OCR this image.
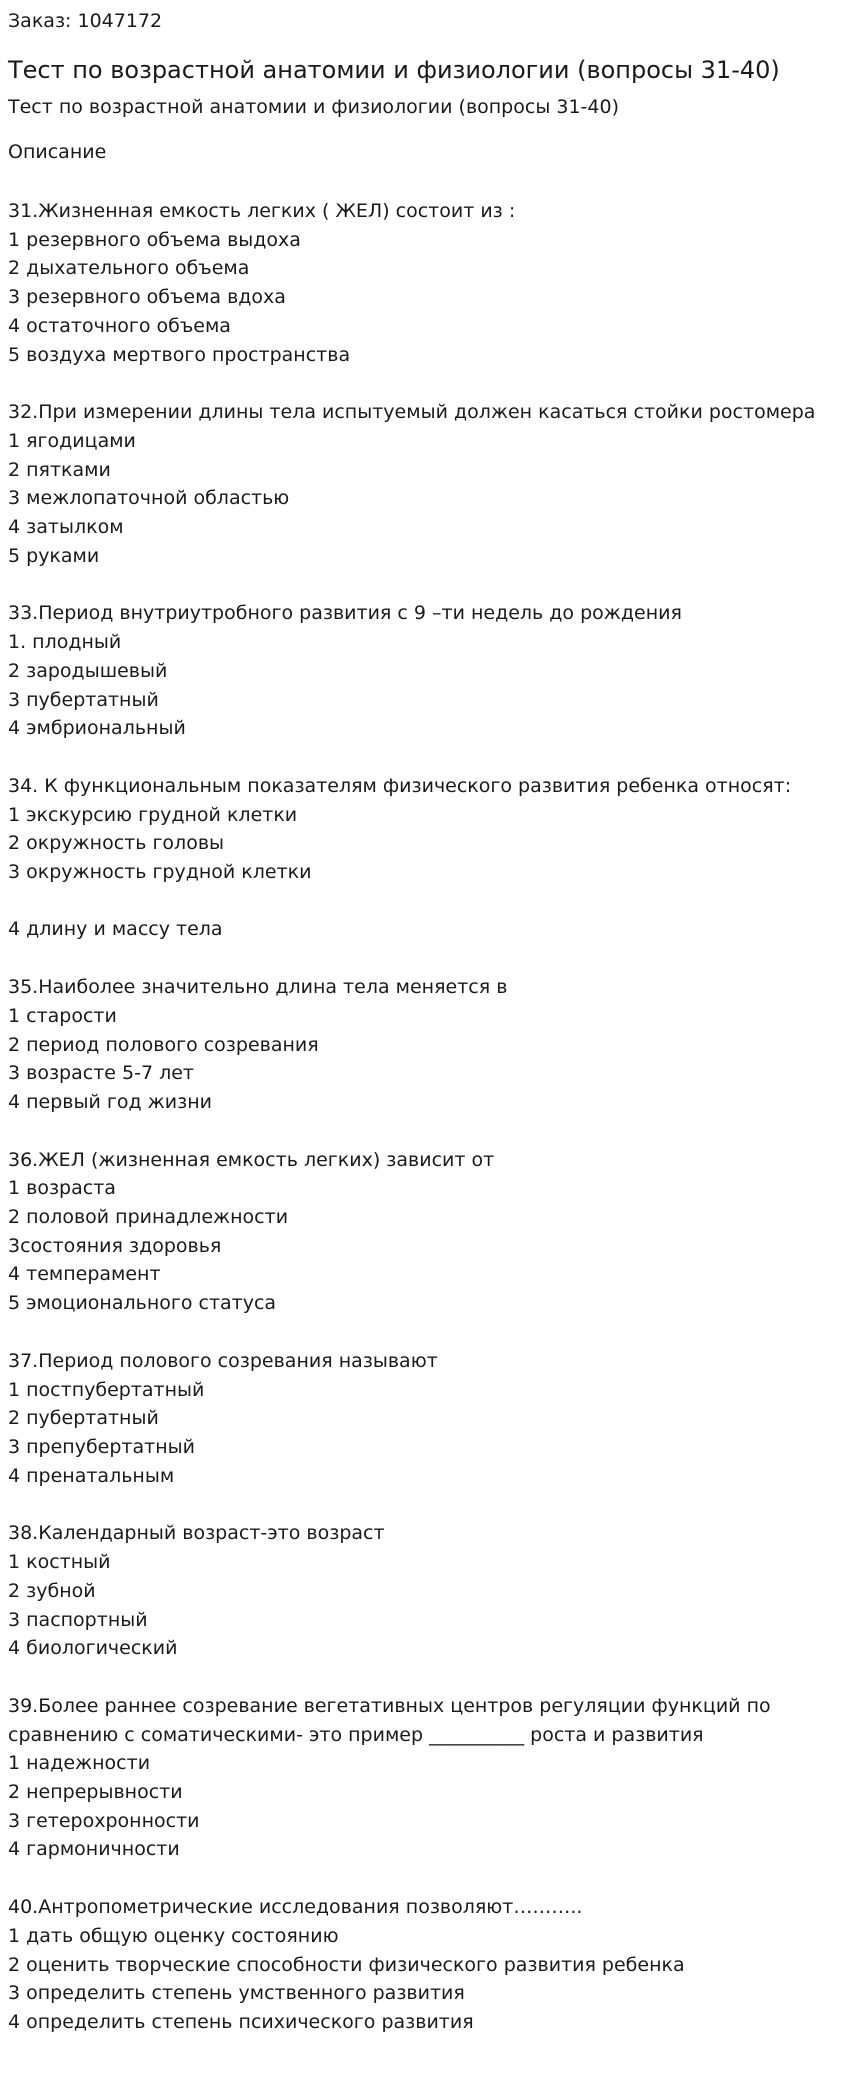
Заказ: 1047172

Тест по возрастной анатомии и физиологии (вопросы 31-40)

Тест по возрастной анатомии и физиологии (вопросы 31-40)

Описание

31.Жизненная емкость легких ( ЖЕЛ) состоит из :

1 резервного объема выдоха

2 дыхательного объема

3 резервного объема вдоха

4 остаточного объема

5 воздуха мертвого пространства

32.При измерении длины тела испытуемый должен касаться стойки ростомера

1 ягодицами

2 пятками

3 межлопаточной областью

4 затылком

5 руками

33.Период внутриутробного развития с 9 –ти недель до рождения

1. плодный

2 зародышевый

3 пубертатный

4 эмбриональный

34. К функциональным показателям физического развития ребенка относят:

1 экскурсию грудной клетки

2 окружность головы

3 окружность грудной клетки

4 длину и массу тела

35.Наиболее значительно длина тела меняется в

1 старости

2 период полового созревания

3 возрасте 5-7 лет

4 первый год жизни

36.ЖЕЛ (жизненная емкость легких) зависит от

1 возраста

2 половой принадлежности

3состояния здоровья

4 темперамент

5 эмоционального статуса

37.Период полового созревания называют

1 постпубертатный

2 пубертатный

3 препубертатный

4 пренатальным

38.Календарный возраст-это возраст

1 костный

2 зубной

3 паспортный

4 биологический

39.Более раннее созревание вегетативных центров регуляции функций по сравнению с соматическими- это пример __________ роста и развития

1 надежности

2 непрерывности

3 гетерохронности

4 гармоничности

40.Антропометрические исследования позволяют………..

1 дать общую оценку состоянию

2 оценить творческие способности физического развития ребенка

3 определить степень умственного развития

4 определить степень психического развития
